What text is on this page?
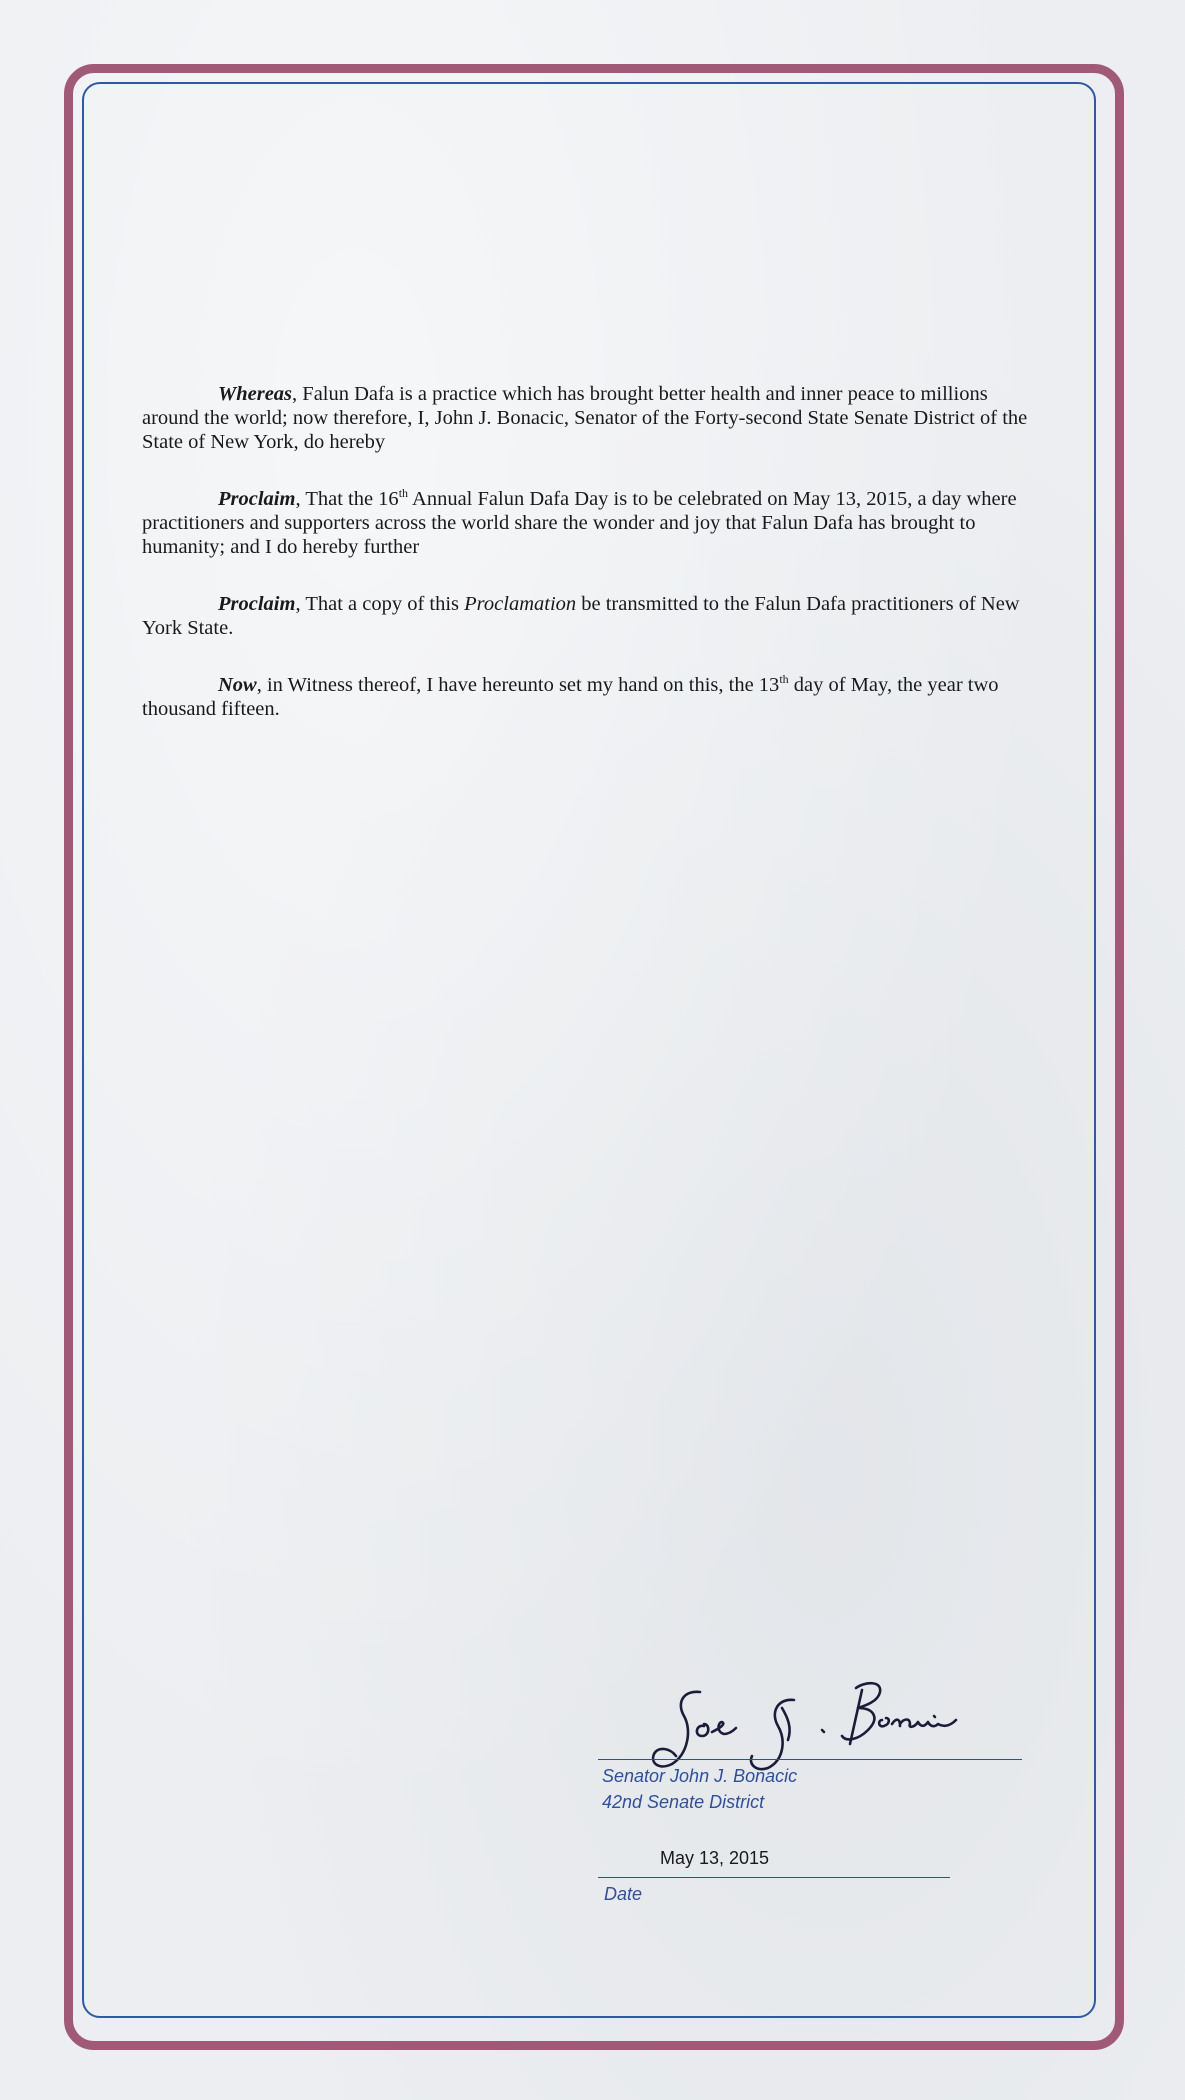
Whereas, Falun Dafa is a practice which has brought better health and inner peace to millions around the world; now therefore, I, John J. Bonacic, Senator of the Forty-second State Senate District of the State of New York, do hereby

Proclaim, That the 16th Annual Falun Dafa Day is to be celebrated on May 13, 2015, a day where practitioners and supporters across the world share the wonder and joy that Falun Dafa has brought to humanity; and I do hereby further

Proclaim, That a copy of this Proclamation be transmitted to the Falun Dafa practitioners of New York State.

Now, in Witness thereof, I have hereunto set my hand on this, the 13th day of May, the year two thousand fifteen.

Senator John J. Bonacic
42nd Senate District
May 13, 2015
Date
